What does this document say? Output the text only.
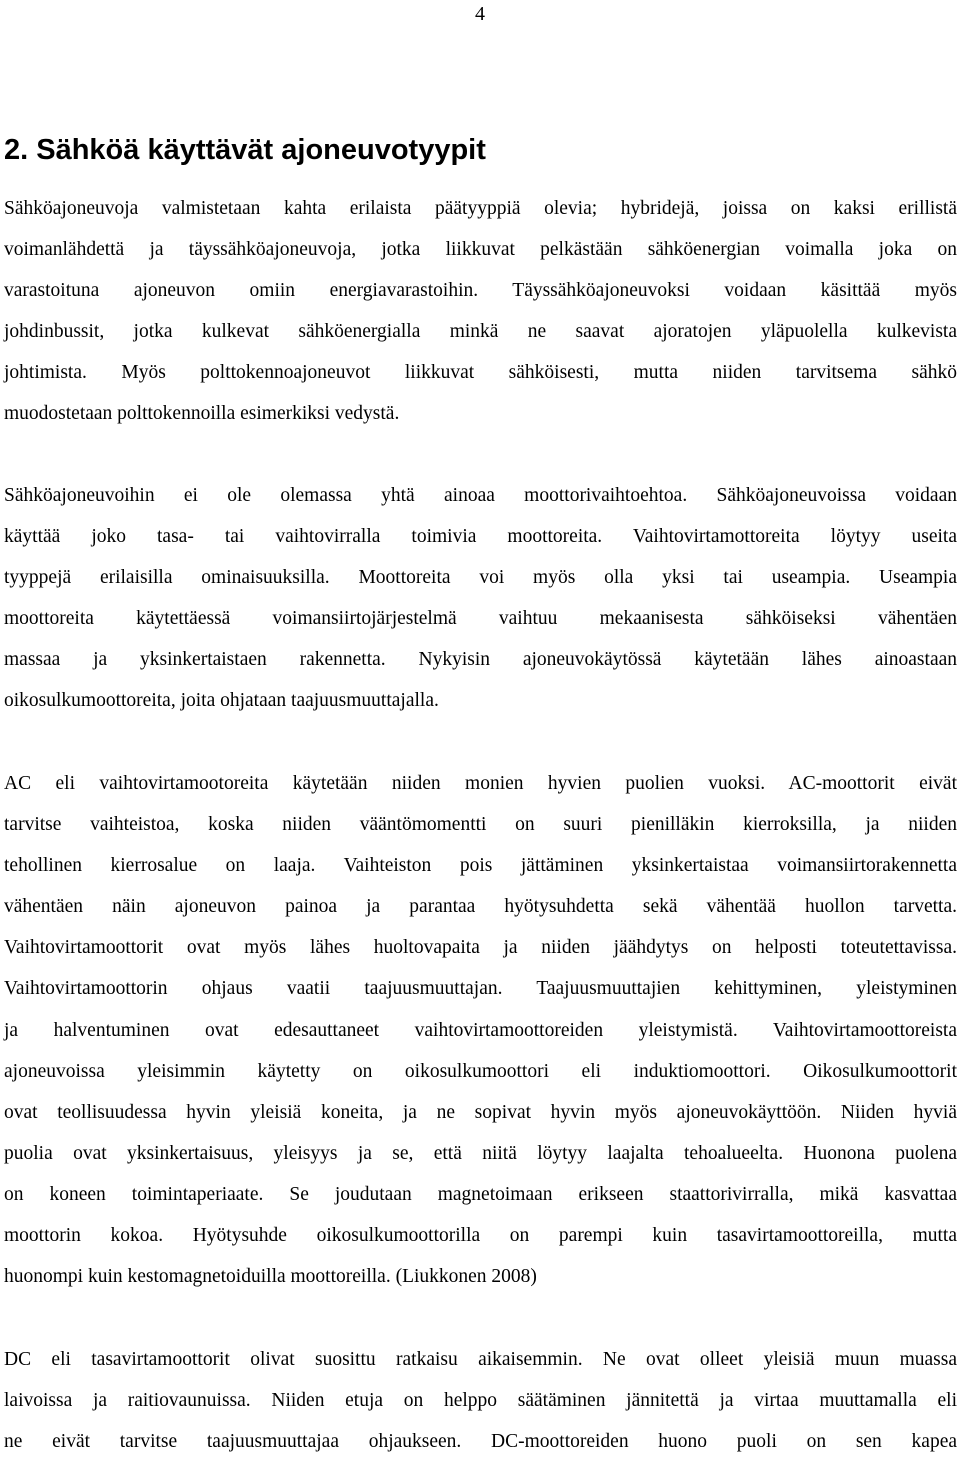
4
2. Sähköä käyttävät ajoneuvotyypit
Sähköajoneuvoja valmistetaan kahta erilaista päätyyppiä olevia; hybridejä, joissa on kaksi erillistä
voimanlähdettä ja täyssähköajoneuvoja, jotka liikkuvat pelkästään sähköenergian voimalla joka on
varastoituna ajoneuvon omiin energiavarastoihin. Täyssähköajoneuvoksi voidaan käsittää myös
johdinbussit, jotka kulkevat sähköenergialla minkä ne saavat ajoratojen yläpuolella kulkevista
johtimista. Myös polttokennoajoneuvot liikkuvat sähköisesti, mutta niiden tarvitsema sähkö
muodostetaan polttokennoilla esimerkiksi vedystä.
Sähköajoneuvoihin ei ole olemassa yhtä ainoaa moottorivaihtoehtoa. Sähköajoneuvoissa voidaan
käyttää joko tasa- tai vaihtovirralla toimivia moottoreita. Vaihtovirtamottoreita löytyy useita
tyyppejä erilaisilla ominaisuuksilla. Moottoreita voi myös olla yksi tai useampia. Useampia
moottoreita käytettäessä voimansiirtojärjestelmä vaihtuu mekaanisesta sähköiseksi vähentäen
massaa ja yksinkertaistaen rakennetta. Nykyisin ajoneuvokäytössä käytetään lähes ainoastaan
oikosulkumoottoreita, joita ohjataan taajuusmuuttajalla.
AC eli vaihtovirtamootoreita käytetään niiden monien hyvien puolien vuoksi. AC-moottorit eivät
tarvitse vaihteistoa, koska niiden vääntömomentti on suuri pienilläkin kierroksilla, ja niiden
tehollinen kierrosalue on laaja. Vaihteiston pois jättäminen yksinkertaistaa voimansiirtorakennetta
vähentäen näin ajoneuvon painoa ja parantaa hyötysuhdetta sekä vähentää huollon tarvetta.
Vaihtovirtamoottorit ovat myös lähes huoltovapaita ja niiden jäähdytys on helposti toteutettavissa.
Vaihtovirtamoottorin ohjaus vaatii taajuusmuuttajan. Taajuusmuuttajien kehittyminen, yleistyminen
ja halventuminen ovat edesauttaneet vaihtovirtamoottoreiden yleistymistä. Vaihtovirtamoottoreista
ajoneuvoissa yleisimmin käytetty on oikosulkumoottori eli induktiomoottori. Oikosulkumoottorit
ovat teollisuudessa hyvin yleisiä koneita, ja ne sopivat hyvin myös ajoneuvokäyttöön. Niiden hyviä
puolia ovat yksinkertaisuus, yleisyys ja se, että niitä löytyy laajalta tehoalueelta. Huonona puolena
on koneen toimintaperiaate. Se joudutaan magnetoimaan erikseen staattorivirralla, mikä kasvattaa
moottorin kokoa. Hyötysuhde oikosulkumoottorilla on parempi kuin tasavirtamoottoreilla, mutta
huonompi kuin kestomagnetoiduilla moottoreilla. (Liukkonen 2008)
DC eli tasavirtamoottorit olivat suosittu ratkaisu aikaisemmin. Ne ovat olleet yleisiä muun muassa
laivoissa ja raitiovaunuissa. Niiden etuja on helppo säätäminen jännitettä ja virtaa muuttamalla eli
ne eivät tarvitse taajuusmuuttajaa ohjaukseen. DC-moottoreiden huono puoli on sen kapea
